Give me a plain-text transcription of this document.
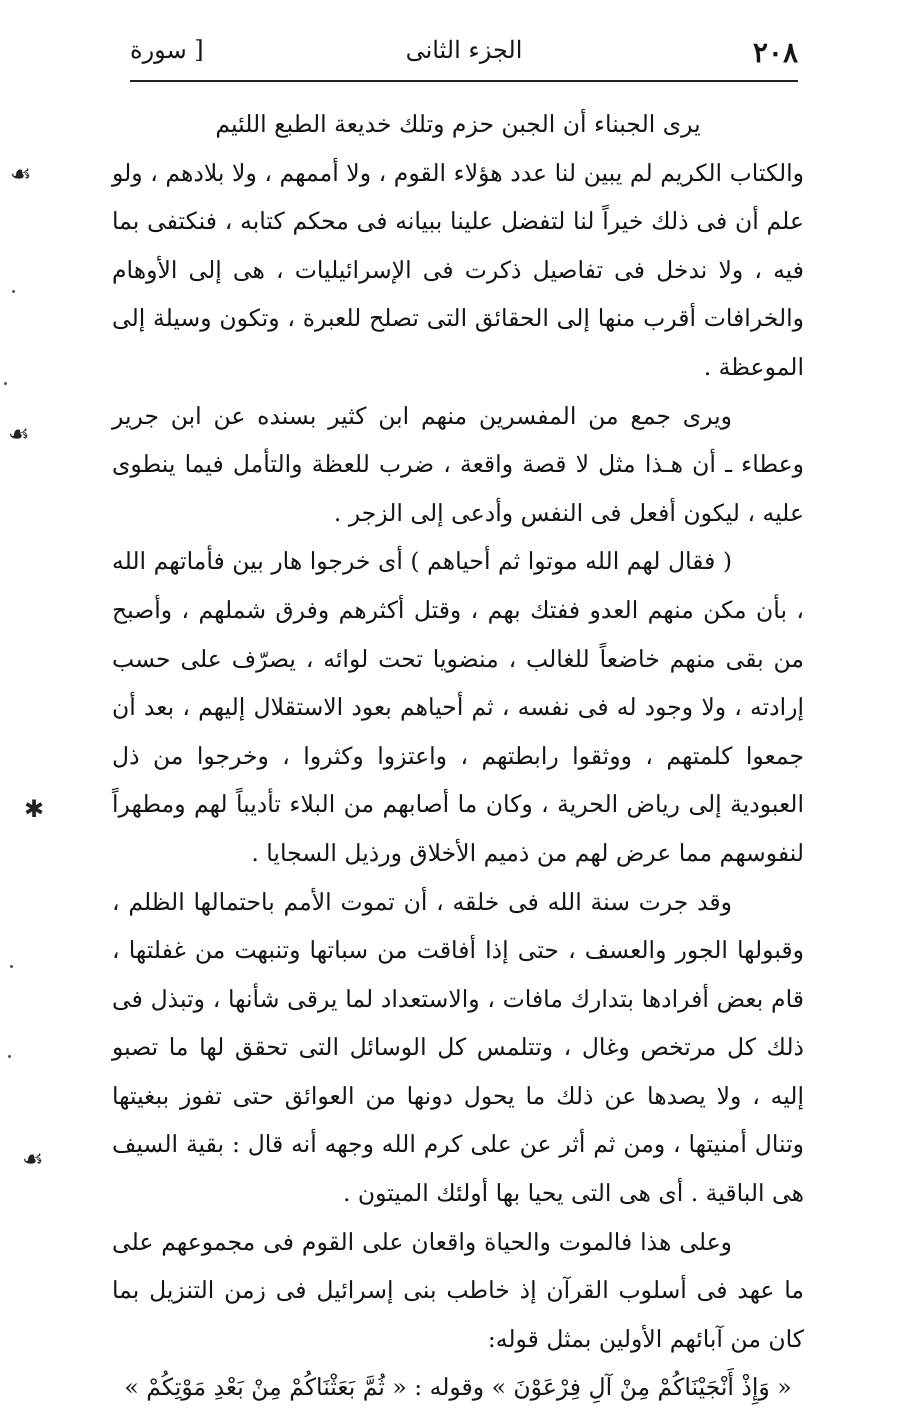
٢٠٨
الجزء الثانى
[ سورة

يرى الجبناء أن الجبن حزم وتلك خديعة الطبع اللئيم

والكتاب الكريم لم يبين لنا عدد هؤلاء القوم ، ولا أممهم ، ولا بلادهم ، ولو علم أن فى ذلك خيراً لنا لتفضل علينا ببيانه فى محكم كتابه ، فنكتفى بما فيه ، ولا ندخل فى تفاصيل ذكرت فى الإسرائيليات ، هى إلى الأوهام والخرافات أقرب منها إلى الحقائق التى تصلح للعبرة ، وتكون وسيلة إلى الموعظة .

ويرى جمع من المفسرين منهم ابن كثير بسنده عن ابن جرير وعطاء ـ أن هـذا مثل لا قصة واقعة ، ضرب للعظة والتأمل فيما ينطوى عليه ، ليكون أفعل فى النفس وأدعى إلى الزجر .

( فقال لهم الله موتوا ثم أحياهم ) أى خرجوا هار بين فأماتهم الله ، بأن مكن منهم العدو ففتك بهم ، وقتل أكثرهم وفرق شملهم ، وأصبح من بقى منهم خاضعاً للغالب ، منضويا تحت لوائه ، يصرّف على حسب إرادته ، ولا وجود له فى نفسه ، ثم أحياهم بعود الاستقلال إليهم ، بعد أن جمعوا كلمتهم ، ووثقوا رابطتهم ، واعتزوا وكثروا ، وخرجوا من ذل العبودية إلى رياض الحرية ، وكان ما أصابهم من البلاء تأديباً لهم ومطهراً لنفوسهم مما عرض لهم من ذميم الأخلاق ورذيل السجايا .

وقد جرت سنة الله فى خلقه ، أن تموت الأمم باحتمالها الظلم ، وقبولها الجور والعسف ، حتى إذا أفاقت من سباتها وتنبهت من غفلتها ، قام بعض أفرادها بتدارك مافات ، والاستعداد لما يرقى شأنها ، وتبذل فى ذلك كل مرتخص وغال ، وتتلمس كل الوسائل التى تحقق لها ما تصبو إليه ، ولا يصدها عن ذلك ما يحول دونها من العوائق حتى تفوز ببغيتها وتنال أمنيتها ، ومن ثم أثر عن على كرم الله وجهه أنه قال : بقية السيف هى الباقية . أى هى التى يحيا بها أولئك الميتون .

وعلى هذا فالموت والحياة واقعان على القوم فى مجموعهم على ما عهد فى أسلوب القرآن إذ خاطب بنى إسرائيل فى زمن التنزيل بما كان من آبائهم الأولين بمثل قوله:

« وَإِذْ أَنْجَيْنَاكُمْ مِنْ آلِ فِرْعَوْنَ » وقوله : « ثُمَّ بَعَثْنَاكُمْ مِنْ بَعْدِ مَوْتِكُمْ »

☙
☙
✱
☙
